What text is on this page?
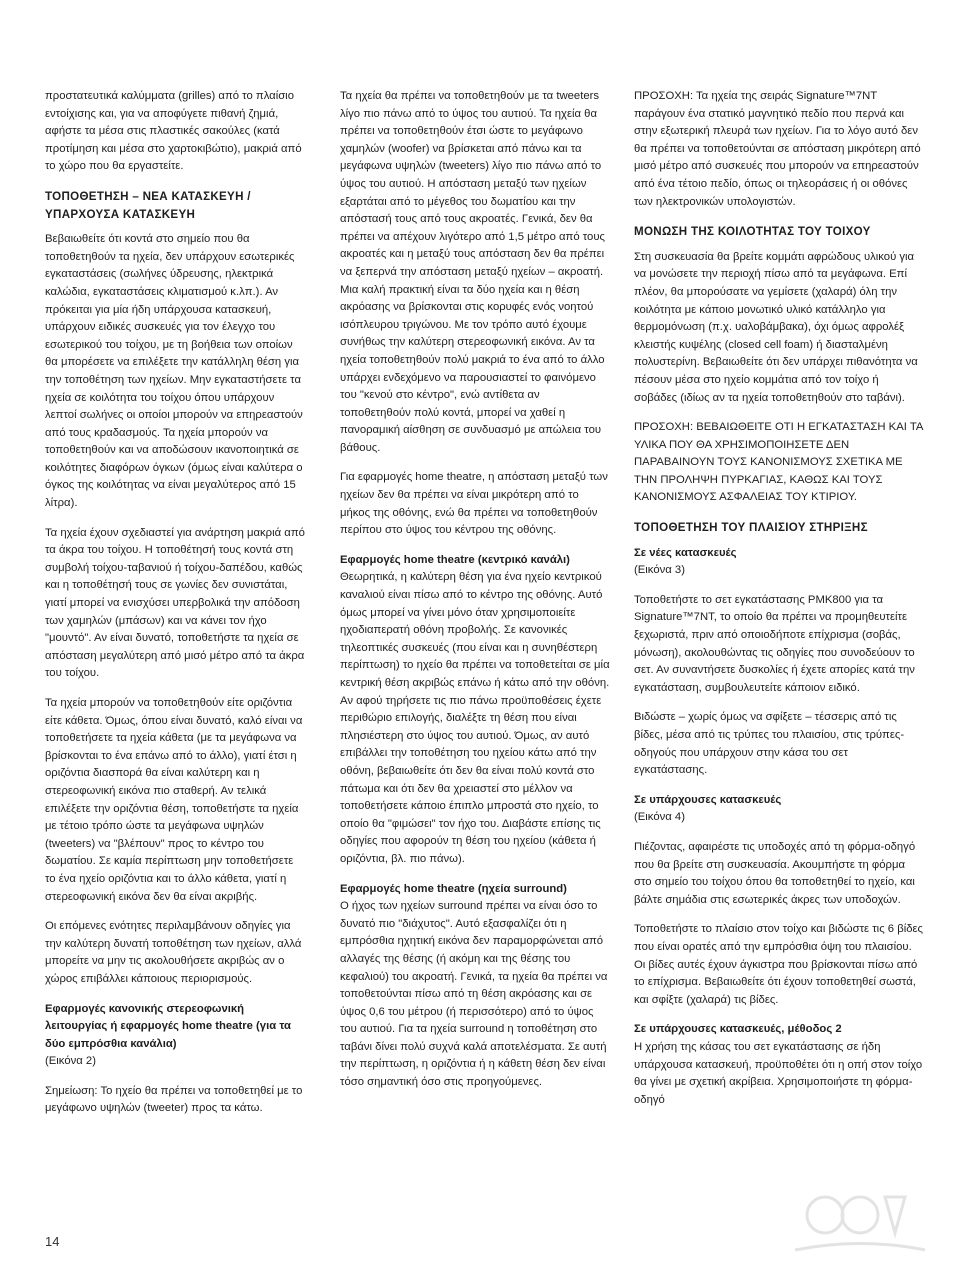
προστατευτικά καλύμματα (grilles) από το πλαίσιο εντοίχισης και, για να αποφύγετε πιθανή ζημιά, αφήστε τα μέσα στις πλαστικές σακούλες (κατά προτίμηση και μέσα στο χαρτοκιβώτιο), μακριά από το χώρο που θα εργαστείτε.

ΤΟΠΟΘΕΤΗΣΗ – ΝΕΑ ΚΑΤΑΣΚΕΥΗ / ΥΠΑΡΧΟΥΣΑ ΚΑΤΑΣΚΕΥΗ

Βεβαιωθείτε ότι κοντά στο σημείο που θα τοποθετηθούν τα ηχεία, δεν υπάρχουν εσωτερικές εγκαταστάσεις (σωλήνες ύδρευσης, ηλεκτρικά καλώδια, εγκαταστάσεις κλιματισμού κ.λπ.). Αν πρόκειται για μία ήδη υπάρχουσα κατασκευή, υπάρχουν ειδικές συσκευές για τον έλεγχο του εσωτερικού του τοίχου, με τη βοήθεια των οποίων θα μπορέσετε να επιλέξετε την κατάλληλη θέση για την τοποθέτηση των ηχείων. Μην εγκαταστήσετε τα ηχεία σε κοιλότητα του τοίχου όπου υπάρχουν λεπτοί σωλήνες οι οποίοι μπορούν να επηρεαστούν από τους κραδασμούς. Τα ηχεία μπορούν να τοποθετηθούν και να αποδώσουν ικανοποιητικά σε κοιλότητες διαφόρων όγκων (όμως είναι καλύτερα ο όγκος της κοιλότητας να είναι μεγαλύτερος από 15 λίτρα).

Τα ηχεία έχουν σχεδιαστεί για ανάρτηση μακριά από τα άκρα του τοίχου. Η τοποθέτησή τους κοντά στη συμβολή τοίχου-ταβανιού ή τοίχου-δαπέδου, καθώς και η τοποθέτησή τους σε γωνίες δεν συνιστάται, γιατί μπορεί να ενισχύσει υπερβολικά την απόδοση των χαμηλών (μπάσων) και να κάνει τον ήχο "μουντό". Αν είναι δυνατό, τοποθετήστε τα ηχεία σε απόσταση μεγαλύτερη από μισό μέτρο από τα άκρα του τοίχου.

Τα ηχεία μπορούν να τοποθετηθούν είτε οριζόντια είτε κάθετα. Όμως, όπου είναι δυνατό, καλό είναι να τοποθετήσετε τα ηχεία κάθετα (με τα μεγάφωνα να βρίσκονται το ένα επάνω από το άλλο), γιατί έτσι η οριζόντια διασπορά θα είναι καλύτερη και η στερεοφωνική εικόνα πιο σταθερή. Αν τελικά επιλέξετε την οριζόντια θέση, τοποθετήστε τα ηχεία με τέτοιο τρόπο ώστε τα μεγάφωνα υψηλών (tweeters) να "βλέπουν" προς το κέντρο του δωματίου. Σε καμία περίπτωση μην τοποθετήσετε το ένα ηχείο οριζόντια και το άλλο κάθετα, γιατί η στερεοφωνική εικόνα δεν θα είναι ακριβής.

Οι επόμενες ενότητες περιλαμβάνουν οδηγίες για την καλύτερη δυνατή τοποθέτηση των ηχείων, αλλά μπορείτε να μην τις ακολουθήσετε ακριβώς αν ο χώρος επιβάλλει κάποιους περιορισμούς.

Εφαρμογές κανονικής στερεοφωνική λειτουργίας ή εφαρμογές home theatre (για τα δύο εμπρόσθια κανάλια)

(Εικόνα 2)

Σημείωση: Το ηχείο θα πρέπει να τοποθετηθεί με το μεγάφωνο υψηλών (tweeter) προς τα κάτω.

Τα ηχεία θα πρέπει να τοποθετηθούν με τα tweeters λίγο πιο πάνω από το ύψος του αυτιού. Τα ηχεία θα πρέπει να τοποθετηθούν έτσι ώστε το μεγάφωνο χαμηλών (woofer) να βρίσκεται από πάνω και τα μεγάφωνα υψηλών (tweeters) λίγο πιο πάνω από το ύψος του αυτιού. Η απόσταση μεταξύ των ηχείων εξαρτάται από το μέγεθος του δωματίου και την απόστασή τους από τους ακροατές. Γενικά, δεν θα πρέπει να απέχουν λιγότερο από 1,5 μέτρο από τους ακροατές και η μεταξύ τους απόσταση δεν θα πρέπει να ξεπερνά την απόσταση μεταξύ ηχείων – ακροατή. Μια καλή πρακτική είναι τα δύο ηχεία και η θέση ακρόασης να βρίσκονται στις κορυφές ενός νοητού ισόπλευρου τριγώνου. Με τον τρόπο αυτό έχουμε συνήθως την καλύτερη στερεοφωνική εικόνα. Αν τα ηχεία τοποθετηθούν πολύ μακριά το ένα από το άλλο υπάρχει ενδεχόμενο να παρουσιαστεί το φαινόμενο του "κενού στο κέντρο", ενώ αντίθετα αν τοποθετηθούν πολύ κοντά, μπορεί να χαθεί η πανοραμική αίσθηση σε συνδυασμό με απώλεια του βάθους.

Για εφαρμογές home theatre, η απόσταση μεταξύ των ηχείων δεν θα πρέπει να είναι μικρότερη από το μήκος της οθόνης, ενώ θα πρέπει να τοποθετηθούν περίπου στο ύψος του κέντρου της οθόνης.

Εφαρμογές home theatre (κεντρικό κανάλι)

Θεωρητικά, η καλύτερη θέση για ένα ηχείο κεντρικού καναλιού είναι πίσω από το κέντρο της οθόνης. Αυτό όμως μπορεί να γίνει μόνο όταν χρησιμοποιείτε ηχοδιαπερατή οθόνη προβολής. Σε κανονικές τηλεοπτικές συσκευές (που είναι και η συνηθέστερη περίπτωση) το ηχείο θα πρέπει να τοποθετείται σε μία κεντρική θέση ακριβώς επάνω ή κάτω από την οθόνη. Αν αφού τηρήσετε τις πιο πάνω προϋποθέσεις έχετε περιθώριο επιλογής, διαλέξτε τη θέση που είναι πλησιέστερη στο ύψος του αυτιού. Όμως, αν αυτό επιβάλλει την τοποθέτηση του ηχείου κάτω από την οθόνη, βεβαιωθείτε ότι δεν θα είναι πολύ κοντά στο πάτωμα και ότι δεν θα χρειαστεί στο μέλλον να τοποθετήσετε κάποιο έπιπλο μπροστά στο ηχείο, το οποίο θα "φιμώσει" τον ήχο του. Διαβάστε επίσης τις οδηγίες που αφορούν τη θέση του ηχείου (κάθετα ή οριζόντια, βλ. πιο πάνω).

Εφαρμογές home theatre (ηχεία surround)

Ο ήχος των ηχείων surround πρέπει να είναι όσο το δυνατό πιο "διάχυτος". Αυτό εξασφαλίζει ότι η εμπρόσθια ηχητική εικόνα δεν παραμορφώνεται από αλλαγές της θέσης (ή ακόμη και της θέσης του κεφαλιού) του ακροατή. Γενικά, τα ηχεία θα πρέπει να τοποθετούνται πίσω από τη θέση ακρόασης και σε ύψος 0,6 του μέτρου (ή περισσότερο) από το ύψος του αυτιού. Για τα ηχεία surround η τοποθέτηση στο ταβάνι δίνει πολύ συχνά καλά αποτελέσματα. Σε αυτή την περίπτωση, η οριζόντια ή η κάθετη θέση δεν είναι τόσο σημαντική όσο στις προηγούμενες.

ΠΡΟΣΟΧΗ: Τα ηχεία της σειράς Signature™7NT παράγουν ένα στατικό μαγνητικό πεδίο που περνά και στην εξωτερική πλευρά των ηχείων. Για το λόγο αυτό δεν θα πρέπει να τοποθετούνται σε απόσταση μικρότερη από μισό μέτρο από συσκευές που μπορούν να επηρεαστούν από ένα τέτοιο πεδίο, όπως οι τηλεοράσεις ή οι οθόνες των ηλεκτρονικών υπολογιστών.

ΜΟΝΩΣΗ ΤΗΣ ΚΟΙΛΟΤΗΤΑΣ ΤΟΥ ΤΟΙΧΟΥ

Στη συσκευασία θα βρείτε κομμάτι αφρώδους υλικού για να μονώσετε την περιοχή πίσω από τα μεγάφωνα. Επί πλέον, θα μπορούσατε να γεμίσετε (χαλαρά) όλη την κοιλότητα με κάποιο μονωτικό υλικό κατάλληλο για θερμομόνωση (π.χ. υαλοβάμβακα), όχι όμως αφρολέξ κλειστής κυψέλης (closed cell foam) ή διασταλμένη πολυστερίνη. Βεβαιωθείτε ότι δεν υπάρχει πιθανότητα να πέσουν μέσα στο ηχείο κομμάτια από τον τοίχο ή σοβάδες (ιδίως αν τα ηχεία τοποθετηθούν στο ταβάνι).

ΠΡΟΣΟΧΗ: ΒΕΒΑΙΩΘΕΙΤΕ ΟΤΙ Η ΕΓΚΑΤΑΣΤΑΣΗ ΚΑΙ ΤΑ ΥΛΙΚΑ ΠΟΥ ΘΑ ΧΡΗΣΙΜΟΠΟΙΗΣΕΤΕ ΔΕΝ ΠΑΡΑΒΑΙΝΟΥΝ ΤΟΥΣ ΚΑΝΟΝΙΣΜΟΥΣ ΣΧΕΤΙΚΑ ΜΕ ΤΗΝ ΠΡΟΛΗΨΗ ΠΥΡΚΑΓΙΑΣ, ΚΑΘΩΣ ΚΑΙ ΤΟΥΣ ΚΑΝΟΝΙΣΜΟΥΣ ΑΣΦΑΛΕΙΑΣ ΤΟΥ ΚΤΙΡΙΟΥ.

ΤΟΠΟΘΕΤΗΣΗ ΤΟΥ ΠΛΑΙΣΙΟΥ ΣΤΗΡΙΞΗΣ
Σε νέες κατασκευές

(Εικόνα 3)

Τοποθετήστε το σετ εγκατάστασης PMK800 για τα Signature™7NT, το οποίο θα πρέπει να προμηθευτείτε ξεχωριστά, πριν από οποιοδήποτε επίχρισμα (σοβάς, μόνωση), ακολουθώντας τις οδηγίες που συνοδεύουν το σετ. Αν συναντήσετε δυσκολίες ή έχετε απορίες κατά την εγκατάσταση, συμβουλευτείτε κάποιον ειδικό.

Βιδώστε – χωρίς όμως να σφίξετε – τέσσερις από τις βίδες, μέσα από τις τρύπες του πλαισίου, στις τρύπες-οδηγούς που υπάρχουν στην κάσα του σετ εγκατάστασης.

Σε υπάρχουσες κατασκευές

(Εικόνα 4)

Πιέζοντας, αφαιρέστε τις υποδοχές από τη φόρμα-οδηγό που θα βρείτε στη συσκευασία. Ακουμπήστε τη φόρμα στο σημείο του τοίχου όπου θα τοποθετηθεί το ηχείο, και βάλτε σημάδια στις εσωτερικές άκρες των υποδοχών.

Τοποθετήστε το πλαίσιο στον τοίχο και βιδώστε τις 6 βίδες που είναι ορατές από την εμπρόσθια όψη του πλαισίου. Οι βίδες αυτές έχουν άγκιστρα που βρίσκονται πίσω από το επίχρισμα. Βεβαιωθείτε ότι έχουν τοποθετηθεί σωστά, και σφίξτε (χαλαρά) τις βίδες.

Σε υπάρχουσες κατασκευές, μέθοδος 2

Η χρήση της κάσας του σετ εγκατάστασης σε ήδη υπάρχουσα κατασκευή, προϋποθέτει ότι η οπή στον τοίχο θα γίνει με σχετική ακρίβεια. Χρησιμοποιήστε τη φόρμα-οδηγό

14
